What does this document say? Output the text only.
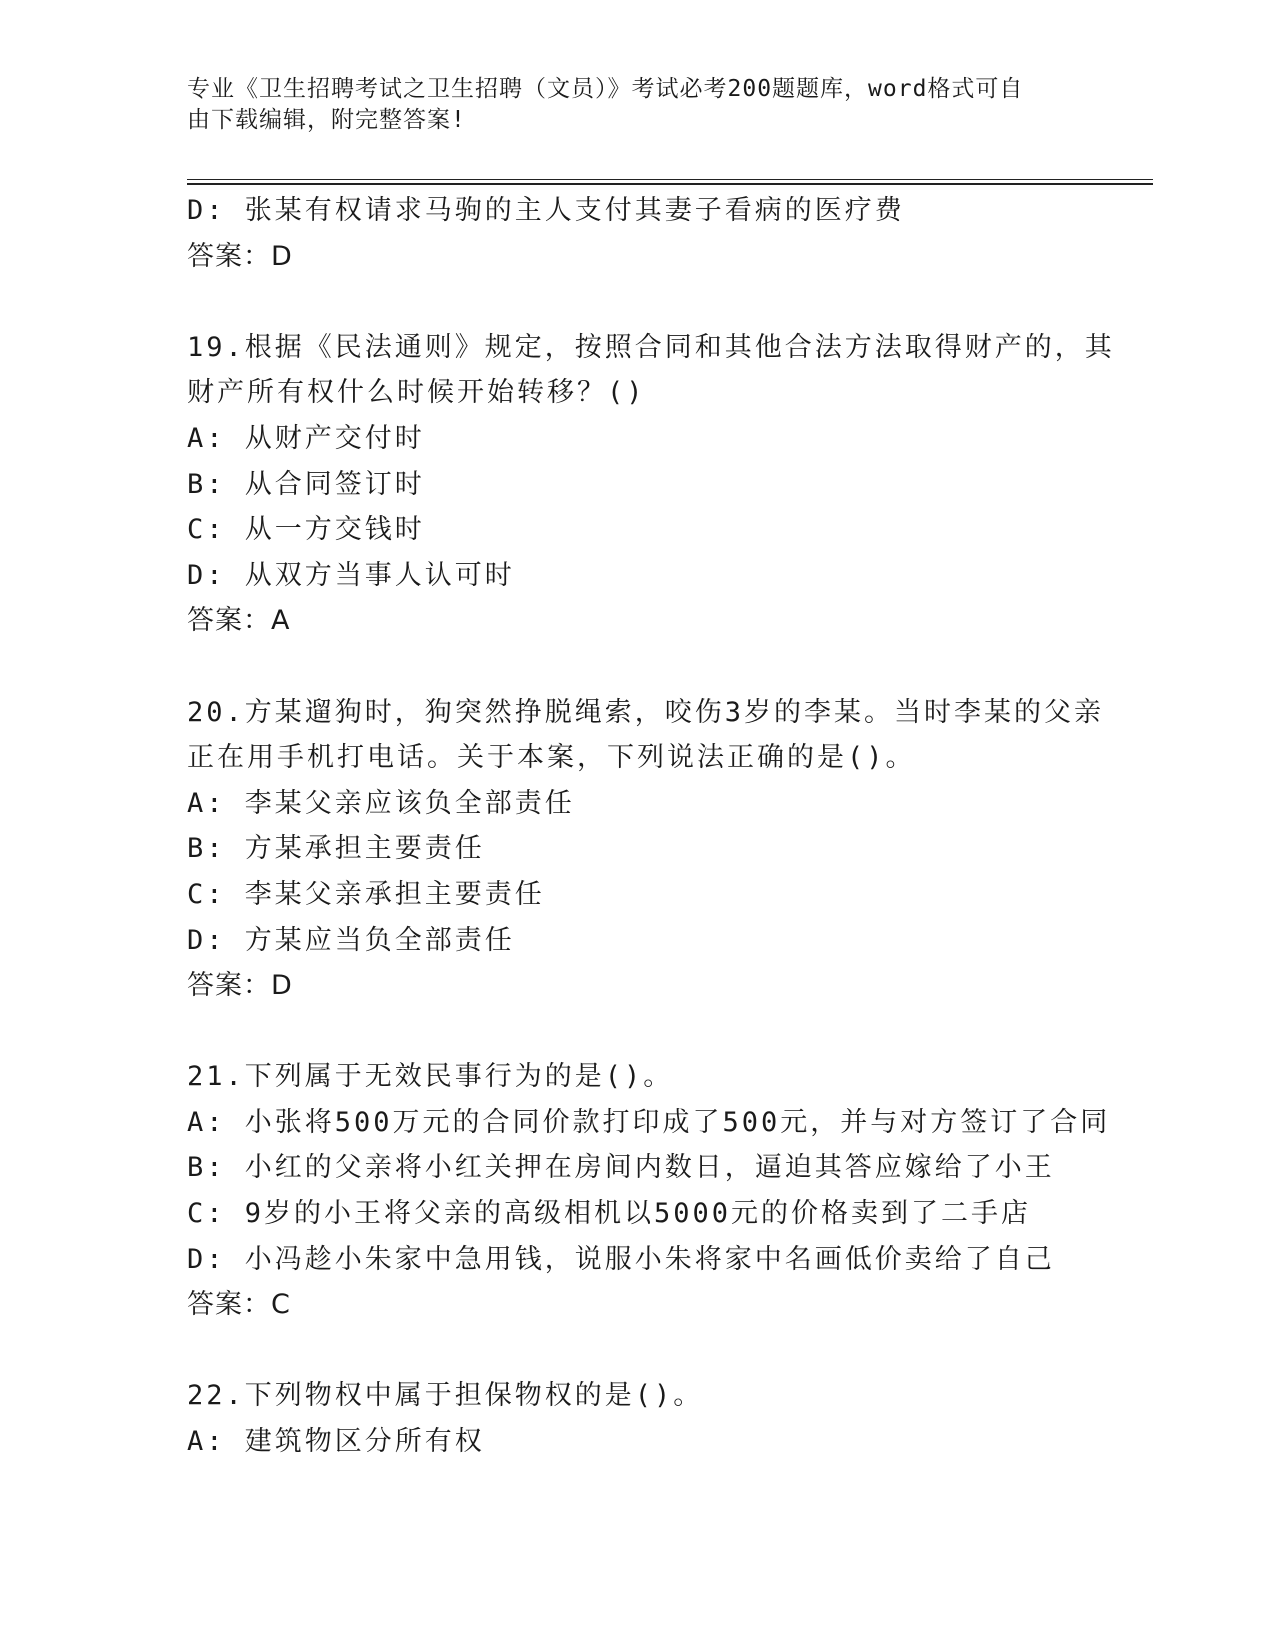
专业《卫生招聘考试之卫生招聘（文员）》考试必考200题题库，word格式可自
由下载编辑，附完整答案!
D: 张某有权请求马驹的主人支付其妻子看病的医疗费
答案：D
19.根据《民法通则》规定，按照合同和其他合法方法取得财产的，其
财产所有权什么时候开始转移？()
A: 从财产交付时
B: 从合同签订时
C: 从一方交钱时
D: 从双方当事人认可时
答案：A
20.方某遛狗时，狗突然挣脱绳索，咬伤3岁的李某。当时李某的父亲
正在用手机打电话。关于本案，下列说法正确的是()。
A: 李某父亲应该负全部责任
B: 方某承担主要责任
C: 李某父亲承担主要责任
D: 方某应当负全部责任
答案：D
21.下列属于无效民事行为的是()。
A: 小张将500万元的合同价款打印成了500元，并与对方签订了合同
B: 小红的父亲将小红关押在房间内数日，逼迫其答应嫁给了小王
C: 9岁的小王将父亲的高级相机以5000元的价格卖到了二手店
D: 小冯趁小朱家中急用钱，说服小朱将家中名画低价卖给了自己
答案：C
22.下列物权中属于担保物权的是()。
A: 建筑物区分所有权
